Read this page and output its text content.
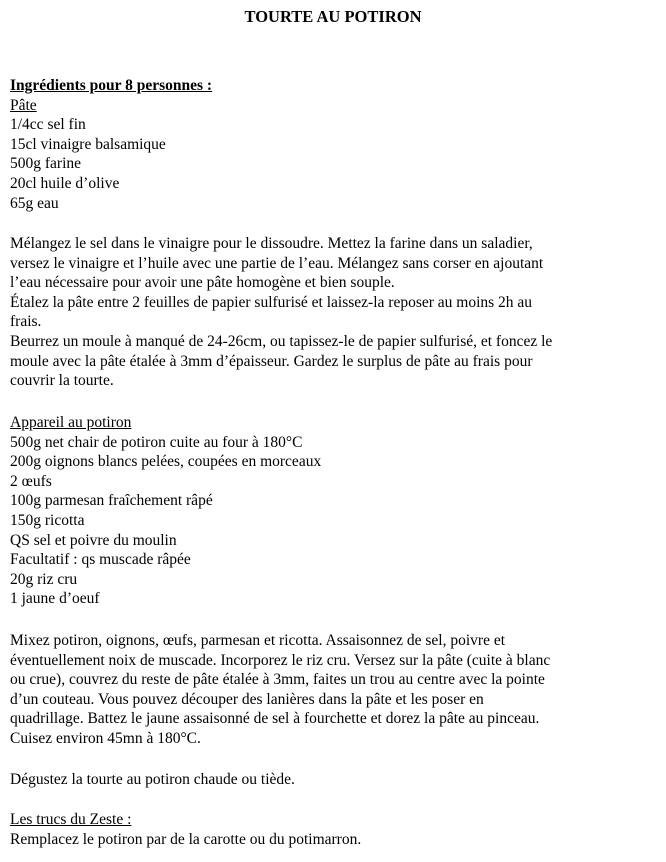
TOURTE AU POTIRON
Ingrédients pour 8 personnes :
Pâte
1/4cc sel fin
15cl vinaigre balsamique
500g farine
20cl huile d’olive
65g eau
Mélangez le sel dans le vinaigre pour le dissoudre. Mettez la farine dans un saladier,
versez le vinaigre et l’huile avec une partie de l’eau. Mélangez sans corser en ajoutant
l’eau nécessaire pour avoir une pâte homogène et bien souple.
Étalez la pâte entre 2 feuilles de papier sulfurisé et laissez-la reposer au moins 2h au
frais.
Beurrez un moule à manqué de 24-26cm, ou tapissez-le de papier sulfurisé, et foncez le
moule avec la pâte étalée à 3mm d’épaisseur. Gardez le surplus de pâte au frais pour
couvrir la tourte.
Appareil au potiron
500g net chair de potiron cuite au four à 180°C
200g oignons blancs pelées, coupées en morceaux
2 œufs
100g parmesan fraîchement râpé
150g ricotta
QS sel et poivre du moulin
Facultatif : qs muscade râpée
20g riz cru
1 jaune d’oeuf
Mixez potiron, oignons, œufs, parmesan et ricotta. Assaisonnez de sel, poivre et
éventuellement noix de muscade. Incorporez le riz cru. Versez sur la pâte (cuite à blanc
ou crue), couvrez du reste de pâte étalée à 3mm, faites un trou au centre avec la pointe
d’un couteau. Vous pouvez découper des lanières dans la pâte et les poser en
quadrillage. Battez le jaune assaisonné de sel à fourchette et dorez la pâte au pinceau.
Cuisez environ 45mn à 180°C.
Dégustez la tourte au potiron chaude ou tiède.
Les trucs du Zeste :
Remplacez le potiron par de la carotte ou du potimarron.
